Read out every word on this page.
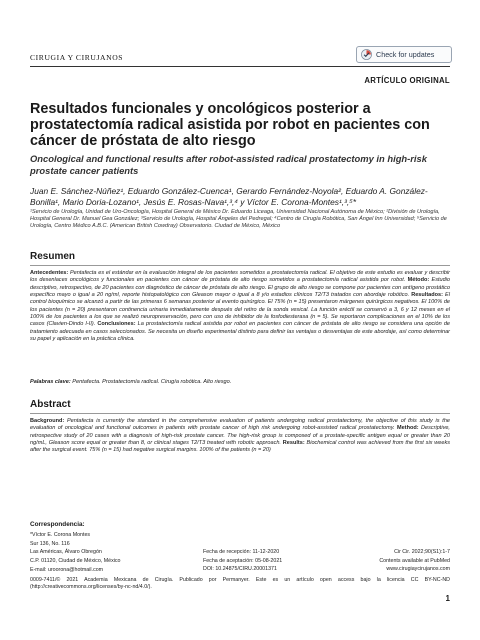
CIRUGIA Y CIRUJANOS	Check for updates
ARTÍCULO ORIGINAL
Resultados funcionales y oncológicos posterior a prostatectomía radical asistida por robot en pacientes con cáncer de próstata de alto riesgo
Oncological and functional results after robot-assisted radical prostatectomy in high-risk prostate cancer patients
Juan E. Sánchez-Núñez¹, Eduardo González-Cuenca¹, Gerardo Fernández-Noyola², Eduardo A. González-Bonilla¹, Mario Doria-Lozano¹, Jesús E. Rosas-Nava¹,³,⁴ y Víctor E. Corona-Montes¹,³,⁵*
¹Servicio de Urología, Unidad de Uro-Oncología, Hospital General de México Dr. Eduardo Liceaga, Universidad Nacional Autónoma de México; ²División de Urología, Hospital General Dr. Manuel Gea González; ³Servicio de Urología, Hospital Ángeles del Pedregal; ⁴Centro de Cirugía Robótica, San Ángel Inn Universidad; ⁵Servicio de Urología, Centro Médico A.B.C. (American British Cowdray) Observatorio. Ciudad de México, México
Resumen

Antecedentes: Pentafecta es el estándar en la evaluación integral de los pacientes sometidos a prostatectomía radical. El objetivo de este estudio es evaluar y describir los desenlaces oncológicos y funcionales en pacientes con cáncer de próstata de alto riesgo sometidos a prostatectomía radical asistida por robot. Método: Estudio descriptivo, retrospectivo, de 20 pacientes con diagnóstico de cáncer de próstata de alto riesgo. El grupo de alto riesgo se compone por pacientes con antígeno prostático específico mayo o igual a 20 ng/ml, reporte histopatológico con Gleason mayor o igual a 8 y/o estadios clínicos T2/T3 tratados con abordaje robótico. Resultados: El control bioquímico se alcanzó a partir de las primeras 6 semanas posterior al evento quirúrgico. El 75% (n = 15) presentaron márgenes quirúrgicos negativos. El 100% de los pacientes (n = 20) presentaron continencia urinaria inmediatamente después del retiro de la sonda vesical. La función eréctil se conservó a 3, 6 y 12 meses en el 100% de los pacientes a los que se realizó neuropreservación, pero con uso de inhibidor de la fosfodiesterasa (n = 5). Se reportaron complicaciones en el 10% de los casos (Clavien-Dindo I-II). Conclusiones: La prostatectomía radical asistida por robot en pacientes con cáncer de próstata de alto riesgo se considera una opción de tratamiento adecuada en casos seleccionados. Se necesita un diseño experimental distinto para definir las ventajas o desventajas de este abordaje, así como determinar su papel y aplicación en la práctica clínica.

Palabras clave: Pentafecta. Prostatectomía radical. Cirugía robótica. Alto riesgo.
Abstract

Background: Pentafecta is currently the standard in the comprehensive evaluation of patients undergoing radical prostatectomy, the objective of this study is the evaluation of oncological and functional outcomes in patients with prostate cancer of high risk undergoing robot-assisted radical prostatectomy. Method: Descriptive, retrospective study of 20 cases with a diagnosis of high-risk prostate cancer. The high-risk group is composed of a prostate-specific antigen equal or greater than 20 ng/mL, Gleason score equal or greater than 8, or clinical stages T2/T3 treated with robotic approach. Results: Biochemical control was achieved from the first six weeks after the surgical event. 75% (n = 15) had negative surgical margins. 100% of the patients (n = 20)

Correspondencia:
*Víctor E. Corona Montes
Sur 136, No. 116
Las Américas, Álvaro Obregón
C.P. 01120, Ciudad de México, México
E-mail: uroorona@hotmail.com
Fecha de recepción: 11-12-2020
Fecha de aceptación: 05-08-2021
DOI: 10.24875/CIRU.20001371
Cir Cir. 2022;90(S1):1-7
Contents available at PubMed
www.cirugiaycirujanos.com
0009-7411/© 2021 Academia Mexicana de Cirugía. Publicado por Permanyer. Este es un artículo open access bajo la licencia CC BY-NC-ND (http://creativecommons.org/licenses/by-nc-nd/4.0/).
1
